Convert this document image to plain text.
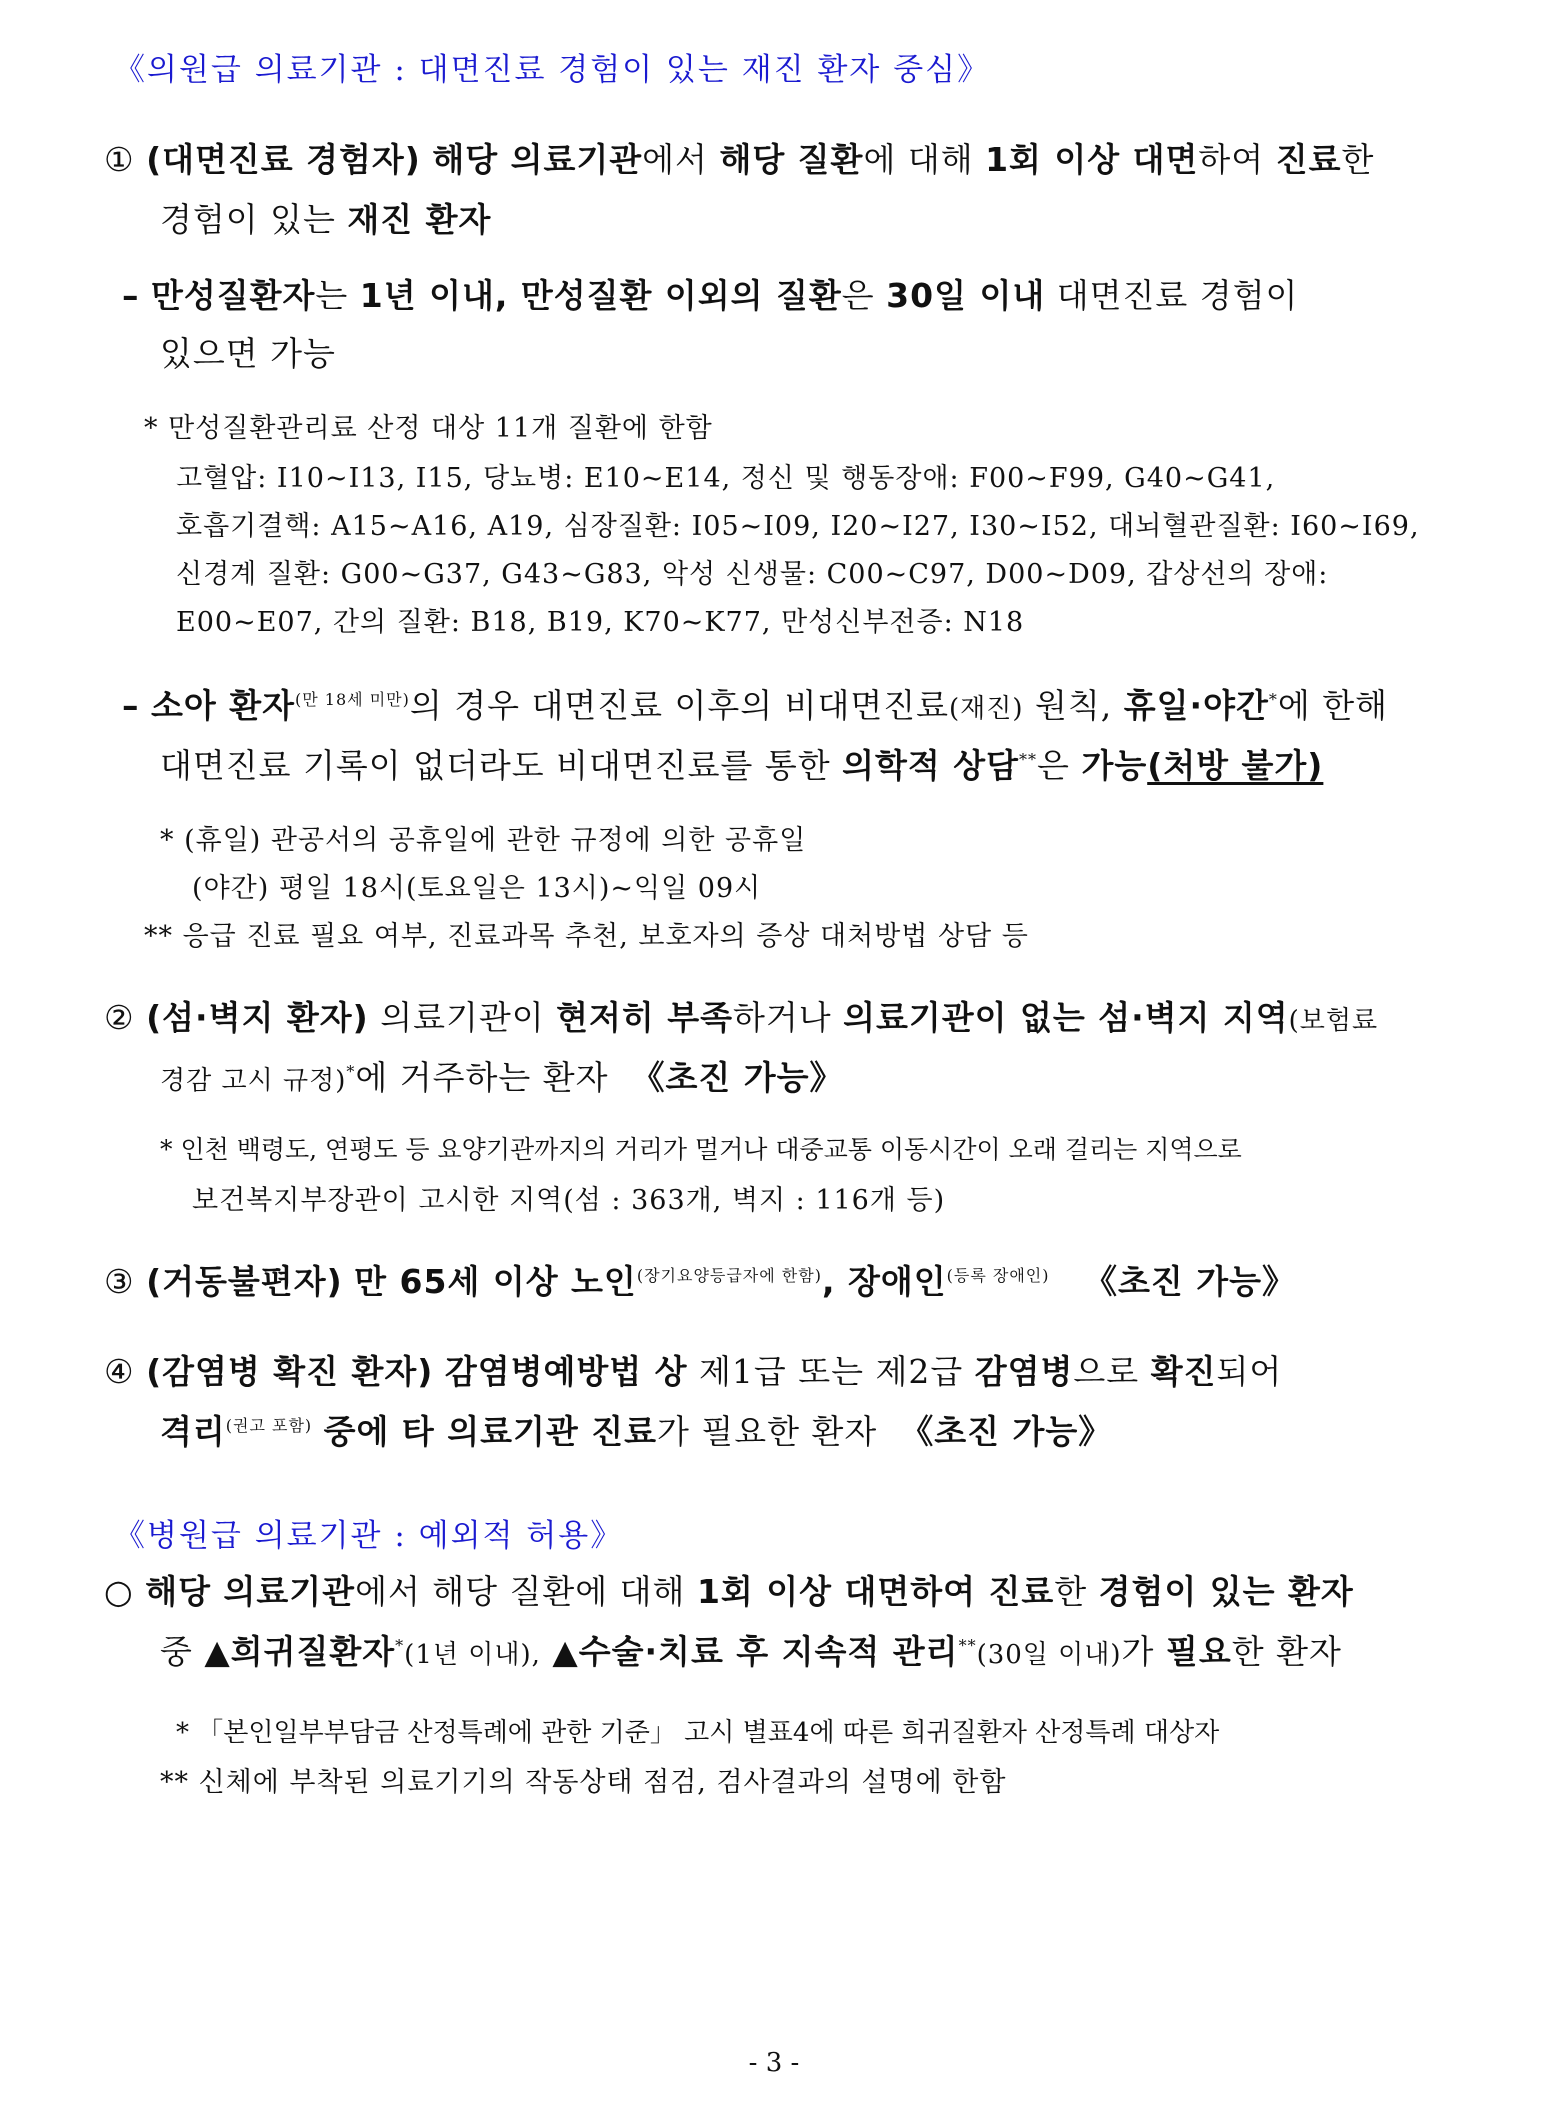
《의원급 의료기관 : 대면진료 경험이 있는 재진 환자 중심》
① (대면진료 경험자) 해당 의료기관에서 해당 질환에 대해 1회 이상 대면하여 진료한
경험이 있는 재진 환자
– 만성질환자는 1년 이내, 만성질환 이외의 질환은 30일 이내 대면진료 경험이
있으면 가능
* 만성질환관리료 산정 대상 11개 질환에 한함
고혈압: I10~I13, I15, 당뇨병: E10~E14, 정신 및 행동장애: F00~F99, G40~G41,
호흡기결핵: A15~A16, A19, 심장질환: I05~I09, I20~I27, I30~I52, 대뇌혈관질환: I60~I69,
신경계 질환: G00~G37, G43~G83, 악성 신생물: C00~C97, D00~D09, 갑상선의 장애:
E00~E07, 간의 질환: B18, B19, K70~K77, 만성신부전증: N18
– 소아 환자$^{(만 18세 미만)}$의 경우 대면진료 이후의 비대면진료(재진) 원칙, 휴일·야간*에 한해
대면진료 기록이 없더라도 비대면진료를 통한 의학적 상담**은 가능(처방 불가)
* (휴일) 관공서의 공휴일에 관한 규정에 의한 공휴일
(야간) 평일 18시(토요일은 13시)~익일 09시
** 응급 진료 필요 여부, 진료과목 추천, 보호자의 증상 대처방법 상담 등
② (섬·벽지 환자) 의료기관이 현저히 부족하거나 의료기관이 없는 섬·벽지 지역(보험료
경감 고시 규정)*에 거주하는 환자 《초진 가능》
* 인천 백령도, 연평도 등 요양기관까지의 거리가 멀거나 대중교통 이동시간이 오래 걸리는 지역으로
보건복지부장관이 고시한 지역(섬 : 363개, 벽지 : 116개 등)
③ (거동불편자) 만 65세 이상 노인$^{(장기요양등급자에 한함)}$, 장애인$^{(등록 장애인)}$ 《초진 가능》
④ (감염병 확진 환자) 감염병예방법 상 제1급 또는 제2급 감염병으로 확진되어
격리$^{(권고 포함)}$ 중에 타 의료기관 진료가 필요한 환자 《초진 가능》
《병원급 의료기관 : 예외적 허용》
○ 해당 의료기관에서 해당 질환에 대해 1회 이상 대면하여 진료한 경험이 있는 환자
중 ▲희귀질환자*(1년 이내), ▲수술·치료 후 지속적 관리**(30일 이내)가 필요한 환자
* 「본인일부부담금 산정특례에 관한 기준」 고시 별표4에 따른 희귀질환자 산정특례 대상자
** 신체에 부착된 의료기기의 작동상태 점검, 검사결과의 설명에 한함
- 3 -
